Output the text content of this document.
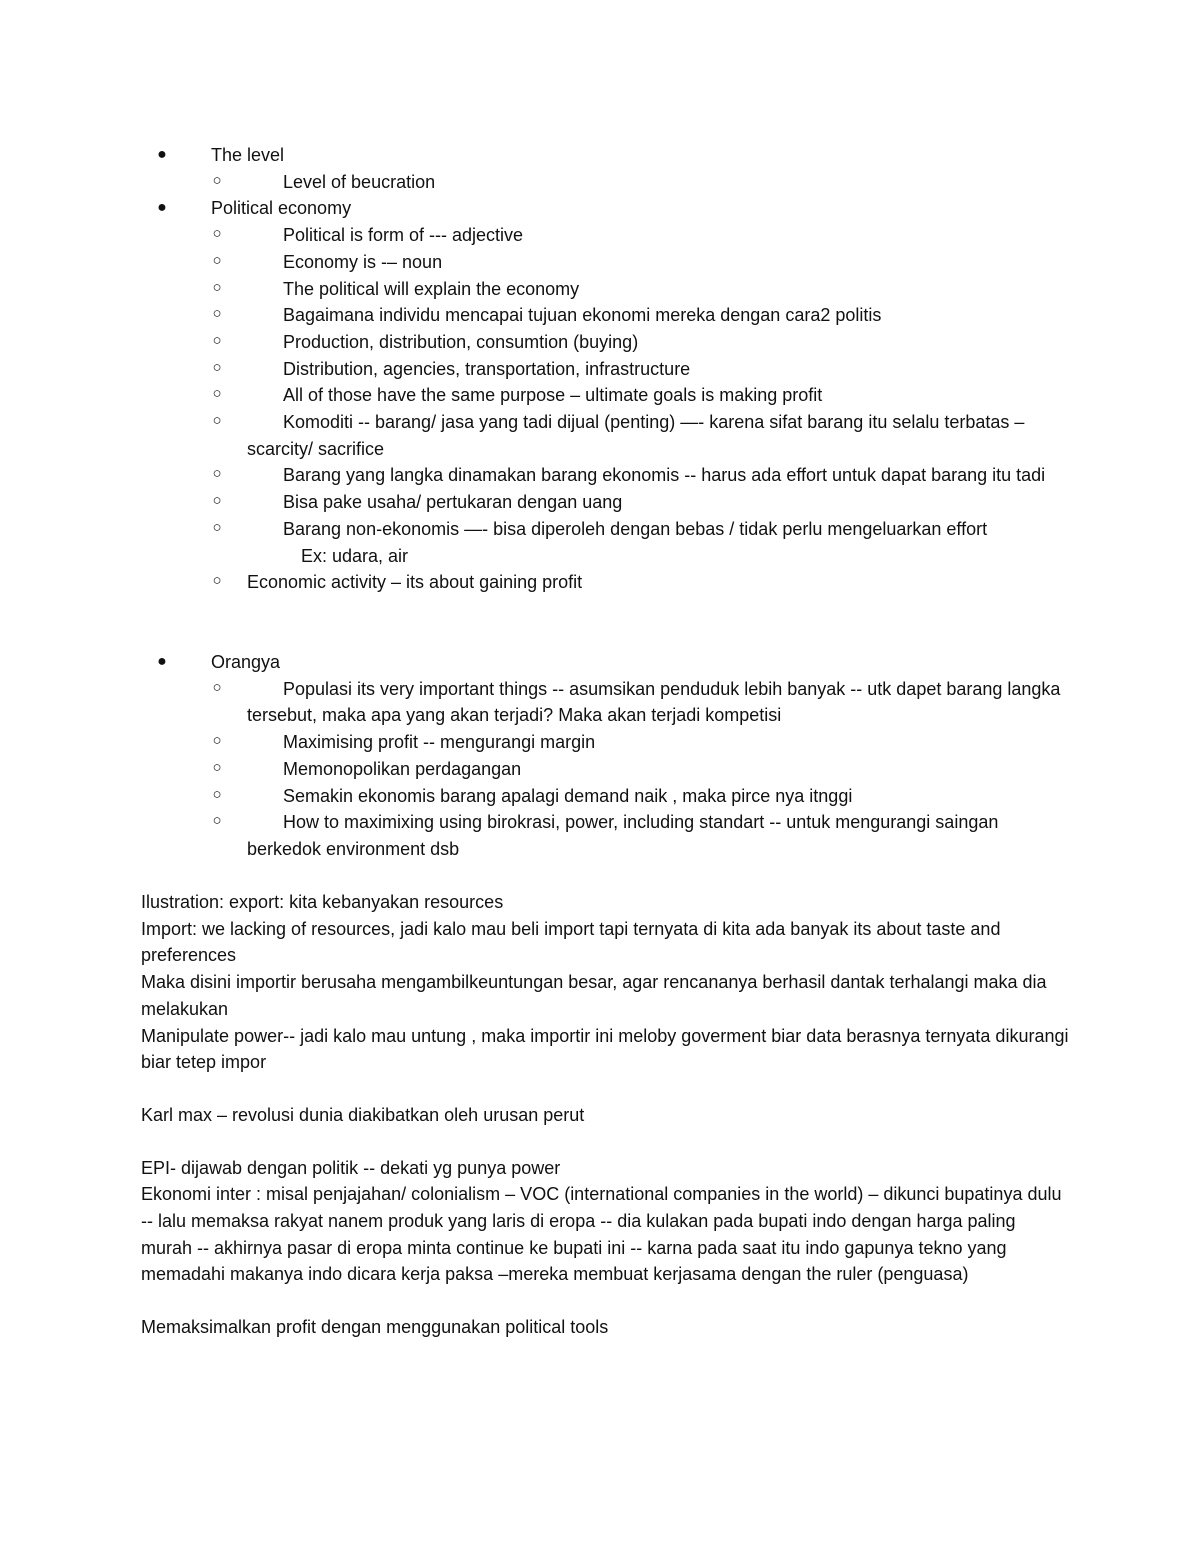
● The level

○	Level of beucration

● Political economy

○	Political is form of --- adjective

○	Economy is -– noun

○	The political will explain the economy

○	Bagaimana individu mencapai tujuan ekonomi mereka dengan cara2 politis

○	Production, distribution, consumtion (buying)

○	Distribution, agencies, transportation, infrastructure

○	All of those have the same purpose – ultimate goals is making profit

○	Komoditi -- barang/ jasa yang tadi dijual (penting) —- karena sifat barang itu selalu terbatas – scarcity/ sacrifice

○	Barang yang langka dinamakan barang ekonomis -- harus ada effort untuk dapat barang itu tadi

○	Bisa pake usaha/ pertukaran dengan uang

○	Barang non-ekonomis —- bisa diperoleh dengan bebas / tidak perlu mengeluarkan effort

Ex: udara, air

○ Economic activity – its about gaining profit

● Orangya

○	Populasi its very important things -- asumsikan penduduk lebih banyak -- utk dapet barang langka tersebut, maka apa yang akan terjadi? Maka akan terjadi kompetisi

○	Maximising profit -- mengurangi margin

○	Memonopolikan perdagangan

○	Semakin ekonomis barang apalagi demand naik , maka pirce nya itnggi

○	How to maximixing using birokrasi, power, including standart -- untuk mengurangi saingan berkedok environment dsb

Ilustration: export: kita kebanyakan resources

Import: we lacking of resources, jadi kalo mau beli import tapi ternyata di kita ada banyak its about taste and preferences

Maka disini importir berusaha mengambilkeuntungan besar, agar rencananya berhasil dantak terhalangi maka dia melakukan

Manipulate power-- jadi kalo mau untung , maka importir ini meloby goverment biar data berasnya ternyata dikurangi biar tetep impor

Karl max – revolusi dunia diakibatkan oleh urusan perut

EPI- dijawab dengan politik -- dekati yg punya power

Ekonomi inter : misal penjajahan/ colonialism – VOC (international companies in the world) – dikunci bupatinya dulu -- lalu memaksa rakyat nanem produk yang laris di eropa -- dia kulakan pada bupati indo dengan harga paling murah -- akhirnya pasar di eropa minta continue ke bupati ini -- karna pada saat itu indo gapunya tekno yang memadahi makanya indo dicara kerja paksa –mereka membuat kerjasama dengan the ruler (penguasa)

Memaksimalkan profit dengan menggunakan political tools
